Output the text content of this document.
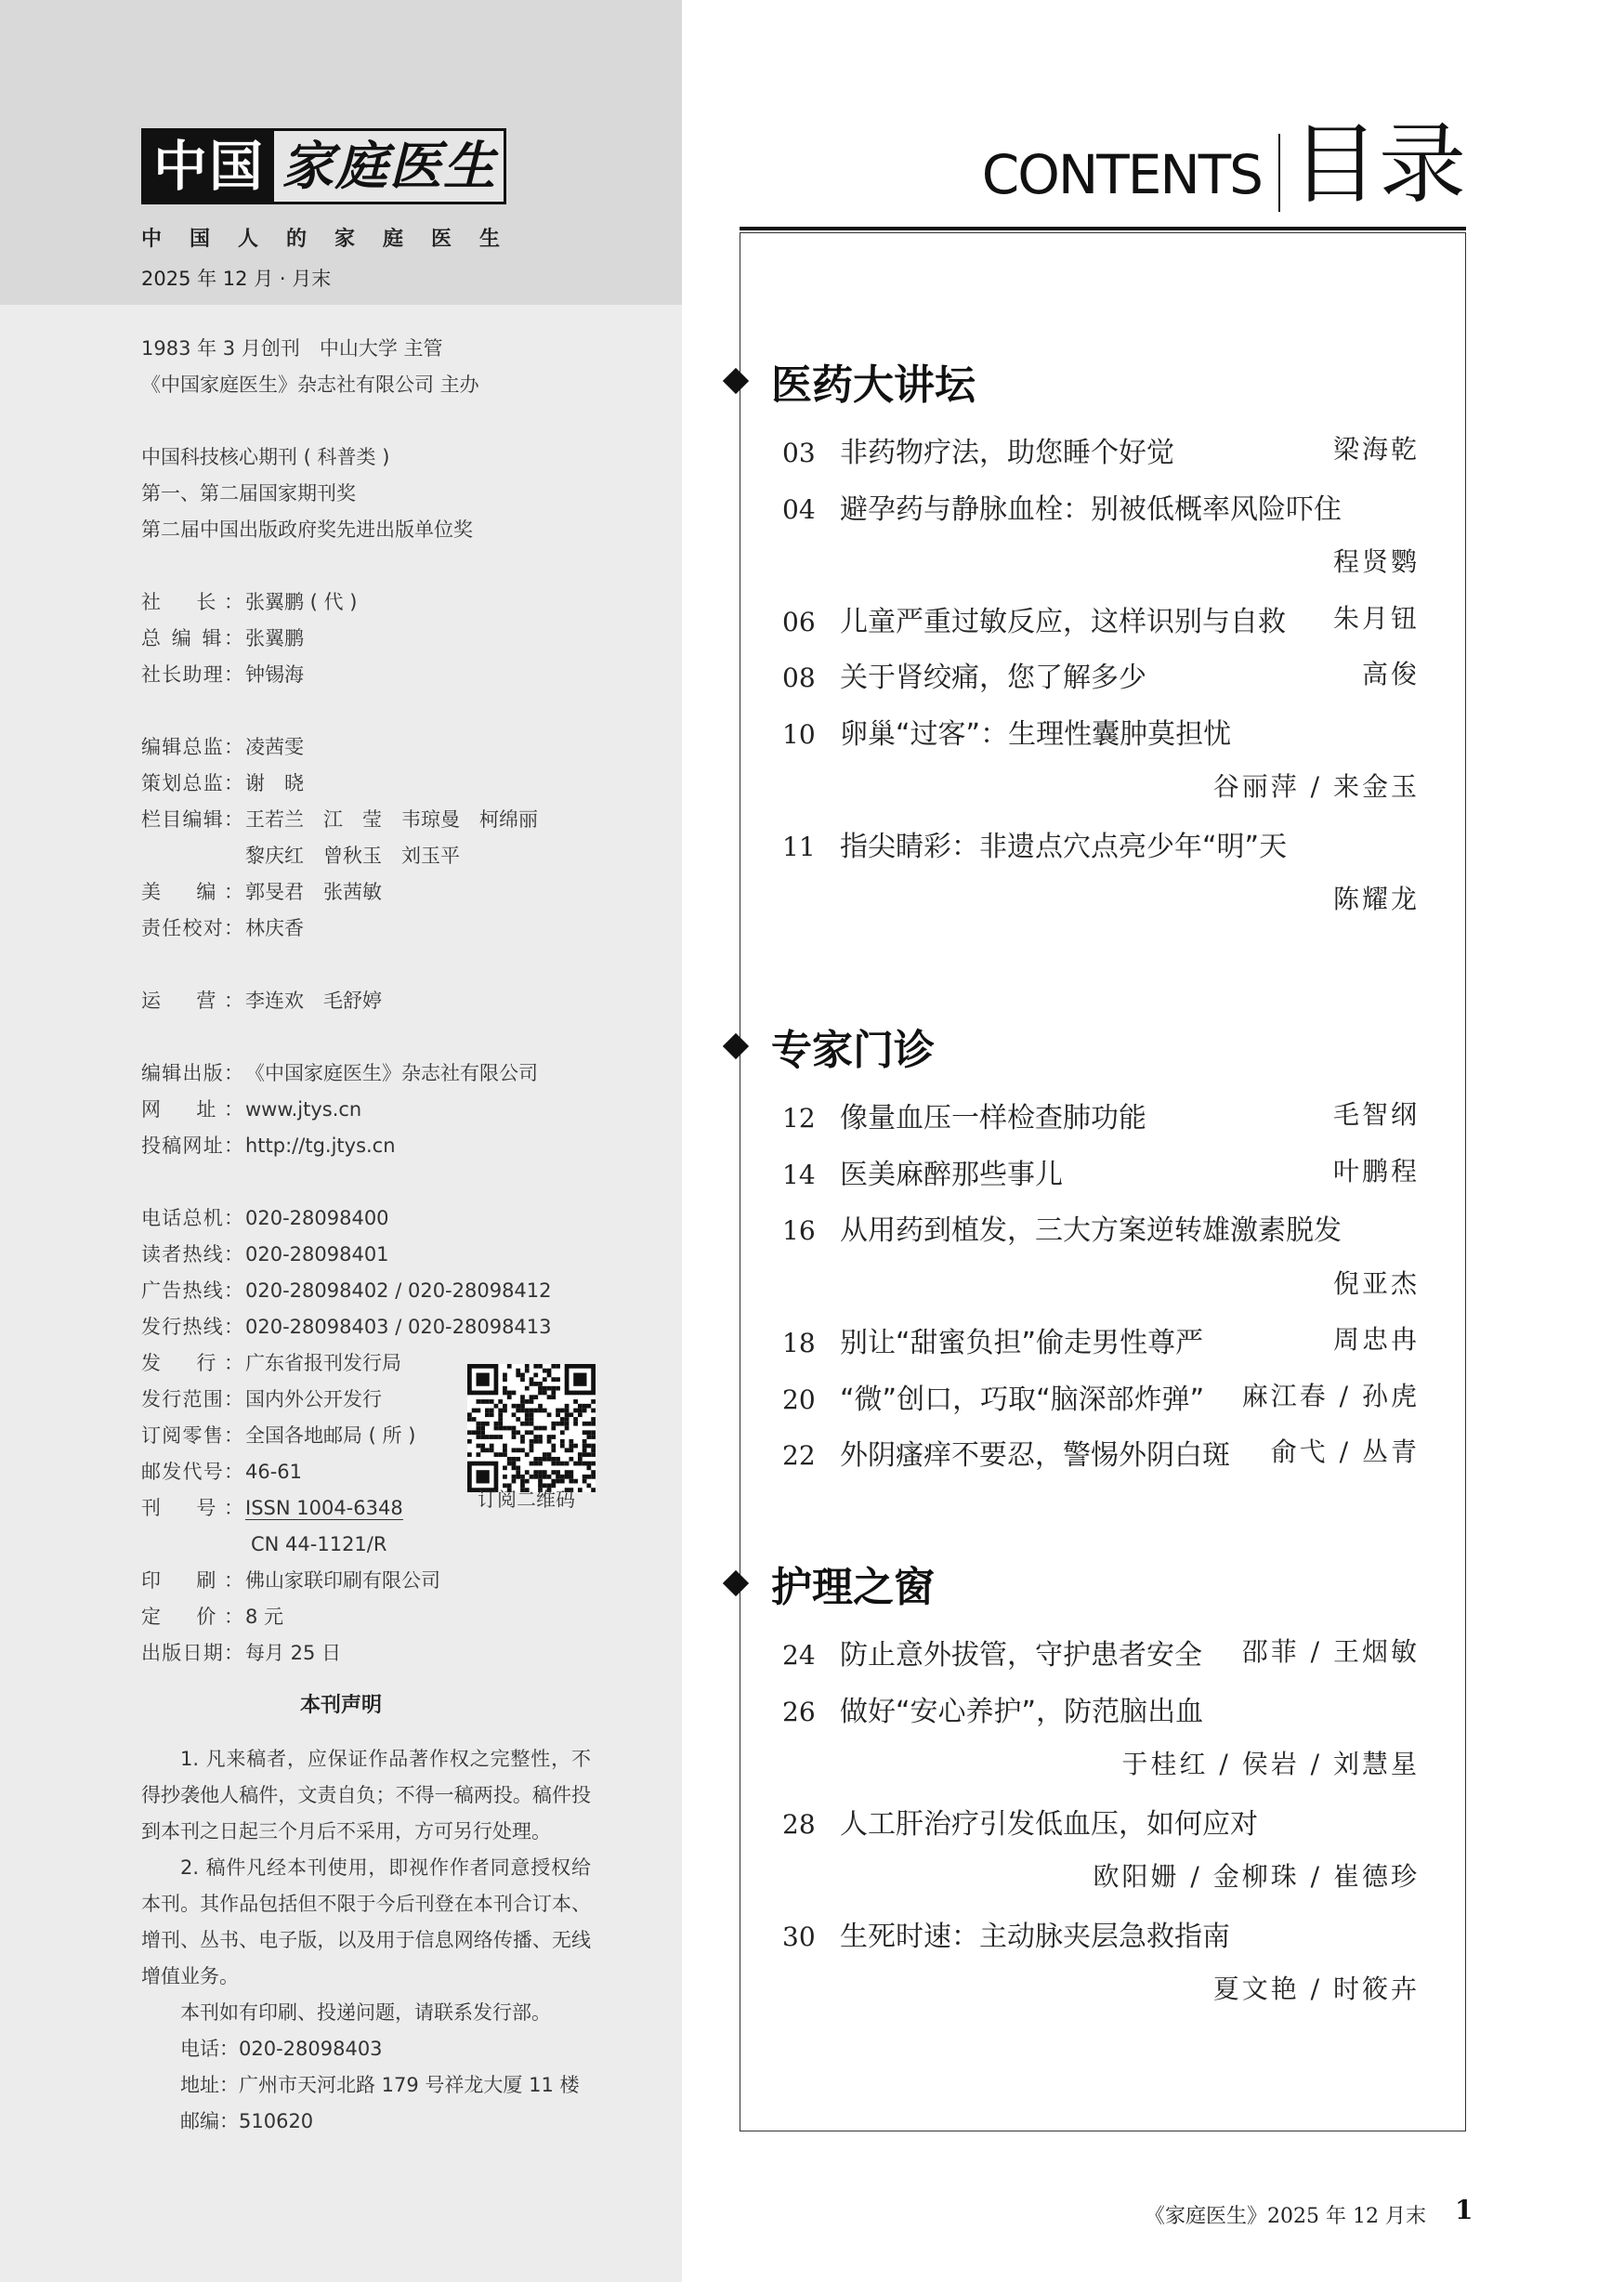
中国 家庭医生
中国人的家庭医生
2025 年 12 月 · 月末
1983 年 3 月创刊　中山大学 主管
《中国家庭医生》杂志社有限公司 主办
中国科技核心期刊 ( 科普类 )
第一、第二届国家期刊奖
第二届中国出版政府奖先进出版单位奖
社　长： 张翼鹏 ( 代 )
总 编 辑： 张翼鹏
社长助理： 钟锡海
编辑总监： 凌茜雯
策划总监： 谢　晓
栏目编辑： 王若兰　江　莹　韦琼曼　柯绵丽
黎庆红　曾秋玉　刘玉平
美　编： 郭旻君　张茜敏
责任校对： 林庆香
运　营： 李连欢　毛舒婷
编辑出版： 《中国家庭医生》杂志社有限公司
网　址： www.jtys.cn
投稿网址： http://tg.jtys.cn
电话总机： 020-28098400
读者热线： 020-28098401
广告热线： 020-28098402 / 020-28098412
发行热线： 020-28098403 / 020-28098413
发　行： 广东省报刊发行局
发行范围： 国内外公开发行
订阅零售： 全国各地邮局 ( 所 )
邮发代号： 46-61
刊　号： ISSN 1004-6348
CN 44-1121/R
印　刷： 佛山家联印刷有限公司
定　价： 8 元
出版日期： 每月 25 日
订阅二维码
本刊声明

1. 凡来稿者，应保证作品著作权之完整性，不得抄袭他人稿件，文责自负；不得一稿两投。稿件投到本刊之日起三个月后不采用，方可另行处理。

2. 稿件凡经本刊使用，即视作作者同意授权给本刊。其作品包括但不限于今后刊登在本刊合订本、增刊、丛书、电子版，以及用于信息网络传播、无线增值业务。

本刊如有印刷、投递问题，请联系发行部。

电话：020-28098403

地址：广州市天河北路 179 号祥龙大厦 11 楼

邮编：510620

CONTENTS 目录
医药大讲坛
03 非药物疗法，助您睡个好觉	梁海乾
04 避孕药与静脉血栓：别被低概率风险吓住
程贤鹦
06 儿童严重过敏反应，这样识别与自救 朱月钮
08 关于肾绞痛，您了解多少	高俊
10 卵巢“过客”：生理性囊肿莫担忧
谷丽萍 / 来金玉
11 指尖睛彩：非遗点穴点亮少年“明”天
陈耀龙
专家门诊
12 像量血压一样检查肺功能	毛智纲
14 医美麻醉那些事儿	叶鹏程
16 从用药到植发，三大方案逆转雄激素脱发
倪亚杰
18 别让“甜蜜负担”偷走男性尊严	周忠冉
20 “微”创口，巧取“脑深部炸弹” 麻江春 / 孙虎
22 外阴瘙痒不要忍，警惕外阴白斑 俞弋 / 丛青
护理之窗
24 防止意外拔管，守护患者安全 邵菲 / 王烟敏
26 做好“安心养护”，防范脑出血
于桂红 / 侯岩 / 刘慧星
28 人工肝治疗引发低血压，如何应对
欧阳姗 / 金柳珠 / 崔德珍
30 生死时速：主动脉夹层急救指南
夏文艳 / 时筱卉
《家庭医生》2025 年 12 月末 1
